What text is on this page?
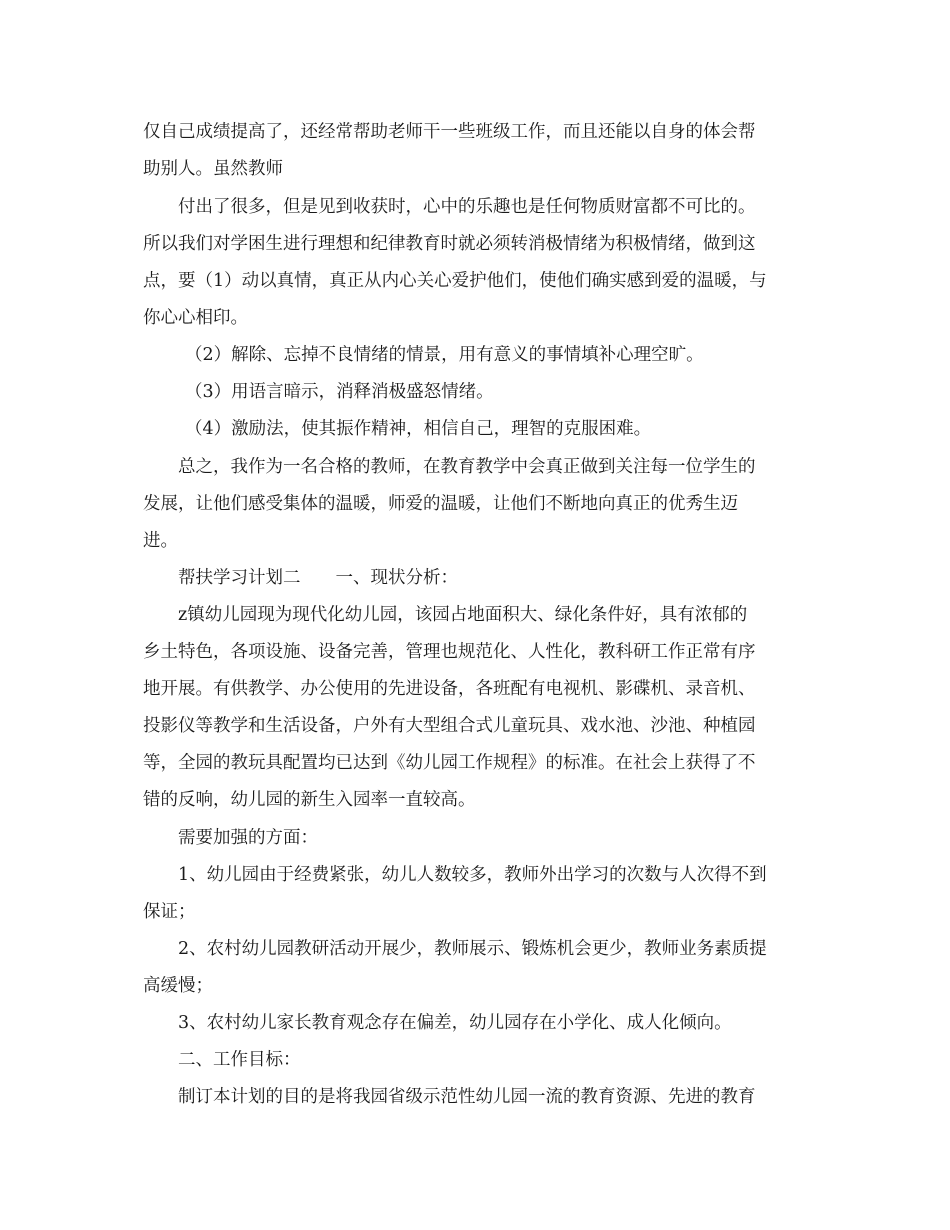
仅自己成绩提高了，还经常帮助老师干一些班级工作，而且还能以自身的体会帮
助别人。虽然教师
付出了很多，但是见到收获时，心中的乐趣也是任何物质财富都不可比的。
所以我们对学困生进行理想和纪律教育时就必须转消极情绪为积极情绪，做到这
点，要（1）动以真情，真正从内心关心爱护他们，使他们确实感到爱的温暖，与
你心心相印。
（2）解除、忘掉不良情绪的情景，用有意义的事情填补心理空旷。
（3）用语言暗示，消释消极盛怒情绪。
（4）激励法，使其振作精神，相信自己，理智的克服困难。
总之，我作为一名合格的教师，在教育教学中会真正做到关注每一位学生的
发展，让他们感受集体的温暖，师爱的温暖，让他们不断地向真正的优秀生迈
进。
帮扶学习计划二　　一、现状分析：
z镇幼儿园现为现代化幼儿园，该园占地面积大、绿化条件好，具有浓郁的
乡土特色，各项设施、设备完善，管理也规范化、人性化，教科研工作正常有序
地开展。有供教学、办公使用的先进设备，各班配有电视机、影碟机、录音机、
投影仪等教学和生活设备，户外有大型组合式儿童玩具、戏水池、沙池、种植园
等，全园的教玩具配置均已达到《幼儿园工作规程》的标准。在社会上获得了不
错的反响，幼儿园的新生入园率一直较高。
需要加强的方面：
1、幼儿园由于经费紧张，幼儿人数较多，教师外出学习的次数与人次得不到
保证；
2、农村幼儿园教研活动开展少，教师展示、锻炼机会更少，教师业务素质提
高缓慢；
3、农村幼儿家长教育观念存在偏差，幼儿园存在小学化、成人化倾向。
二、工作目标：
制订本计划的目的是将我园省级示范性幼儿园一流的教育资源、先进的教育
